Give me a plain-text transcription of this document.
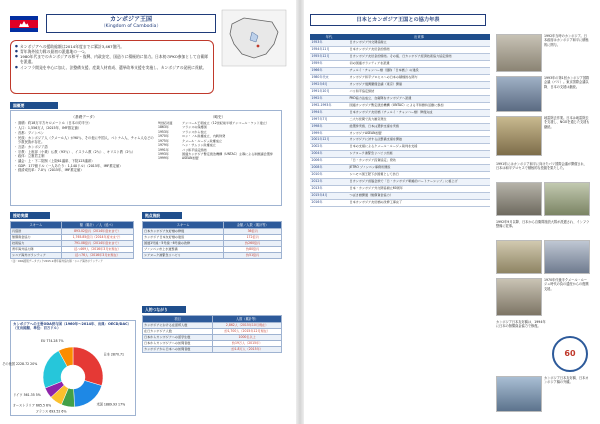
カンボジア王国
（Kingdom of Cambodia）
● カンボジアへの援助総額は2014年度までに累計3,467億円。
● 青年海外協力隊の最初の派遣地の一つ。
● 1980年代までのカンボジアの和平・復興、内政安定、国造りに積極的に協力。日本初のPKO参加として自衛隊を派遣。
● インフラ開発を中心に加え、法整備支援、産業人材育成、選挙改革支援を実施し、カンボジアの発展に貢献。
国概要
（基礎データ）
・ 面積：約18万平方キロメートル（日本の約半分）
・ 人口：1,556万人（2015年、IMF推定値）
・ 首都：プノンペン
・ 民族：カンボジア人（クメール人）が90％、その他に中国人、ベトナム人、チャム人などの少数民族が存在。
・ 言語：カンボジア語
・ 宗教：上座部（小乗）仏教（93％）、イスラム教（2％）、キリスト教（2％）
・ 政体：立憲君主制
・ 議会：上・下二院制（上院61議席、下院123議席）
・ GDP：177億ドル（一人あたり：1,140ドル）（2015年、IMF推定値）
・ 経済成長率：7.0％（2015年、IMF推定値）
（略史）
9世紀初頭	アンコール王朝成立（12世紀前半頃アンコール・ワット建立）
1863年	フランスの保護国
1953年	フランスから独立
1970年	ロン・ノル政権成立、内戦勃発
1975年	クメール・ルージュ政権成立
1979年	ヘン・サムリン政権成立
1991年	パリ和平協定締結
1993年	国連カンボジア暫定統治機構（UNTAC）主導による制憲議会選挙
1999年	ASEAN加盟
援助実績
スキーム	額（累計）／人（延べ）
円借款	893.02億円（2014年度末まで）
無償資金協力	1,765.85億円（2014年度末まで）
技術協力	791.08億円（2014年度末まで）
青年海外協力隊	延べ469人（2016年3月末現在）
シニア海外ボランティア	延べ76人（2016年3月末現在）
（注）ODA国別データブック2015 ※青年海外協力隊・シニア海外ボランティア
拠点施設
スキーム	金額／人数（累計等）
日本カンボジア友好橋の修復	36億円
カンボジア日本友好橋の建設	172億円
国道1号線・5号線・6号線の改修	約260億円
プノンペン市上水道整備	約80億円
シアヌーク港緊急リハビリ	約51億円
人的つながり
項目	人数（累計等）
カンボジアにおける在留邦人数	2,862人（2015年10月現在）
在日カンボジア人数	約1,700人（2015年12月現在）
日本からカンボジアへの留学生数	1000名以上
日本からカンボジアへの訪問者数	約19万人（2015年）
カンボジアから日本への訪問者数	約1.8万人（2015年）
カンボジアへの主要ODA供与国（1960年〜2014年、出典：OECD/DAC）（支出純額、単位：百万ドル）
日本 2870.71
米国 1889.93 17%
フランス 693.52 6%
オーストラリア 665.5 6%
ドイツ 561.35 5%
その他国 2228.72 20%
EU 774.28 7%
日本とカンボジア王国との協力年表
年代	出来事
1953年	日カンボジア外交関係樹立
1954年11月	日本カンボジア友好条約締結
1955年12月	日カンボジア友好条約締結。その後、日カンボジア経済技術協力協定締結
1959年	初の国連ボランティアを派遣
1966年	チュルイ・チャンバー橋（通称「日本橋」）の建設
1980年代末	カンボジア和平プロセスへの日本の積極的な関与
1992年6月	カンボジア復興閣僚会議（東京）開催
1991年10月	パリ和平協定締結
1992年	PKO協力法成立、自衛隊をカンボジアへ派遣
1992-1993年	国連カンボジア暫定統治機構（UNTAC）による平和維持活動に参加
1994年	日本カンボジア友好橋（チュルイ・チャンバー橋）修復完成
1997年7月	二大与党間で武力衝突発生
1998年	総選挙実施、日本は選挙支援を実施
1999年	カンボジアASEAN加盟
2001年12月	カンボジアに対する法整備支援を開始
2002年	日本の支援によるクメール・ルージュ裁判を支援
2004年	シアヌーク港緊急リハビリ計画
2006年	「日・カンボジア投資協定」発効
2008年	JETRO プノンペン事務所開設
2010年	シハモニ国王陛下が国賓として訪日
2012年	日カンボジア首脳会談で「日・カンボジア戦略的パートナーシップ」に格上げ
2013年	日本・カンボジア外交関係樹立60周年
2015年4月	つばさ橋開通（無償資金協力）
2016年	日本カンボジア友好橋の改修工事完了
1992年当時のカンボジア。日本政府はカンボジア和平に積極的に関与。
1993年の第1回カンボジア国際会議（パリ）。東京国際会議以降、日本の支援は継続。
地雷除去作業。日本は地雷除去を支援し、NGOを通じた支援も継続。
1991年にはカンボジア和平に向けたパリ国際会議が開催され、日本は和平プロセスで積極的な役割を果たした。
1992年9月以降、日本から自衛隊施設大隊が派遣され、インフラ整備に従事。
1970年代後半クメール・ルージュ時代の負の遺産からの復興支援。
カンボジア日本友好橋は、1994年に日本の無償資金協力で修復。
60
カンボジア日本友好橋、日本カンボジア橋の外観。
